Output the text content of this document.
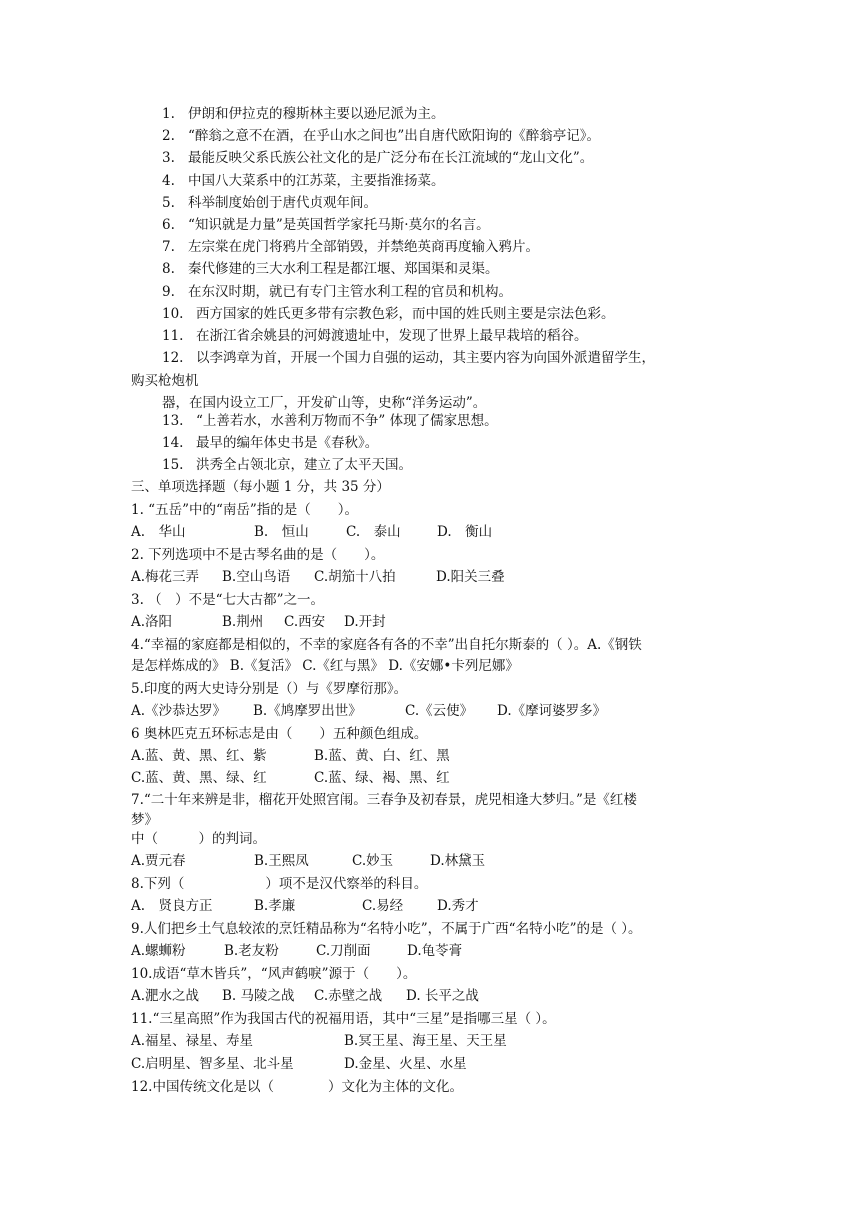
1. 伊朗和伊拉克的穆斯林主要以逊尼派为主。
2. “醉翁之意不在酒，在乎山水之间也”出自唐代欧阳询的《醉翁亭记》。
3. 最能反映父系氏族公社文化的是广泛分布在长江流域的“龙山文化”。
4. 中国八大菜系中的江苏菜，主要指淮扬菜。
5. 科举制度始创于唐代贞观年间。
6. “知识就是力量”是英国哲学家托马斯·莫尔的名言。
7. 左宗棠在虎门将鸦片全部销毁，并禁绝英商再度输入鸦片。
8. 秦代修建的三大水利工程是都江堰、郑国渠和灵渠。
9. 在东汉时期，就已有专门主管水利工程的官员和机构。
10. 西方国家的姓氏更多带有宗教色彩，而中国的姓氏则主要是宗法色彩。
11. 在浙江省余姚县的河姆渡遗址中，发现了世界上最早栽培的稻谷。
12. 以李鸿章为首，开展一个国力自强的运动，其主要内容为向国外派遣留学生，
购买枪炮机
器，在国内设立工厂，开发矿山等，史称“洋务运动”。
13. “上善若水，水善利万物而不争” 体现了儒家思想。
14. 最早的编年体史书是《春秋》。
15. 洪秀全占领北京，建立了太平天国。
三、单项选择题（每小题 1 分，共 35 分）
1. “五岳”中的“南岳”指的是（　　）。
A.　华山	B.　恒山	C.　泰山	D.　衡山
2. 下列选项中不是古琴名曲的是（　　）。
A.梅花三弄 B.空山鸟语 C.胡笳十八拍	D.阳关三叠
3. （　）不是“七大古都”之一。
A.洛阳	B.荆州 C.西安 D.开封
4.“幸福的家庭都是相似的，不幸的家庭各有各的不幸”出自托尔斯泰的（ ）。A.《钢铁
是怎样炼成的》 B.《复活》 C.《红与黑》 D.《安娜•卡列尼娜》
5.印度的两大史诗分别是（）与《罗摩衍那》。
A.《沙恭达罗》 B.《鸠摩罗出世》	C.《云使》 D.《摩诃婆罗多》
6 奥林匹克五环标志是由（　　）五种颜色组成。
A.蓝、黄、黑、红、紫	B.蓝、黄、白、红、黑
C.蓝、黄、黑、绿、红	C.蓝、绿、褐、黑、红
7.“二十年来辨是非，榴花开处照宫闱。三春争及初春景，虎兕相逢大梦归。”是《红楼
梦》
中（　　　）的判词。
A.贾元春	B.王熙凤	C.妙玉	D.林黛玉
8.下列（　　　　　　）项不是汉代察举的科目。
A.　贤良方正	B.孝廉	C.易经	D.秀才
9.人们把乡土气息较浓的烹饪精品称为“名特小吃”，不属于广西“名特小吃”的是（ ）。
A.螺蛳粉	B.老友粉	C.刀削面	D.龟苓膏
10.成语“草木皆兵”，“风声鹤唳”源于（　　）。
A.淝水之战 B. 马陵之战 C.赤壁之战 D. 长平之战
11.“三星高照”作为我国古代的祝福用语，其中“三星”是指哪三星（ ）。
A.福星、禄星、寿星	B.冥王星、海王星、天王星
C.启明星、智多星、北斗星	D.金星、火星、水星
12.中国传统文化是以（　　　　）文化为主体的文化。
